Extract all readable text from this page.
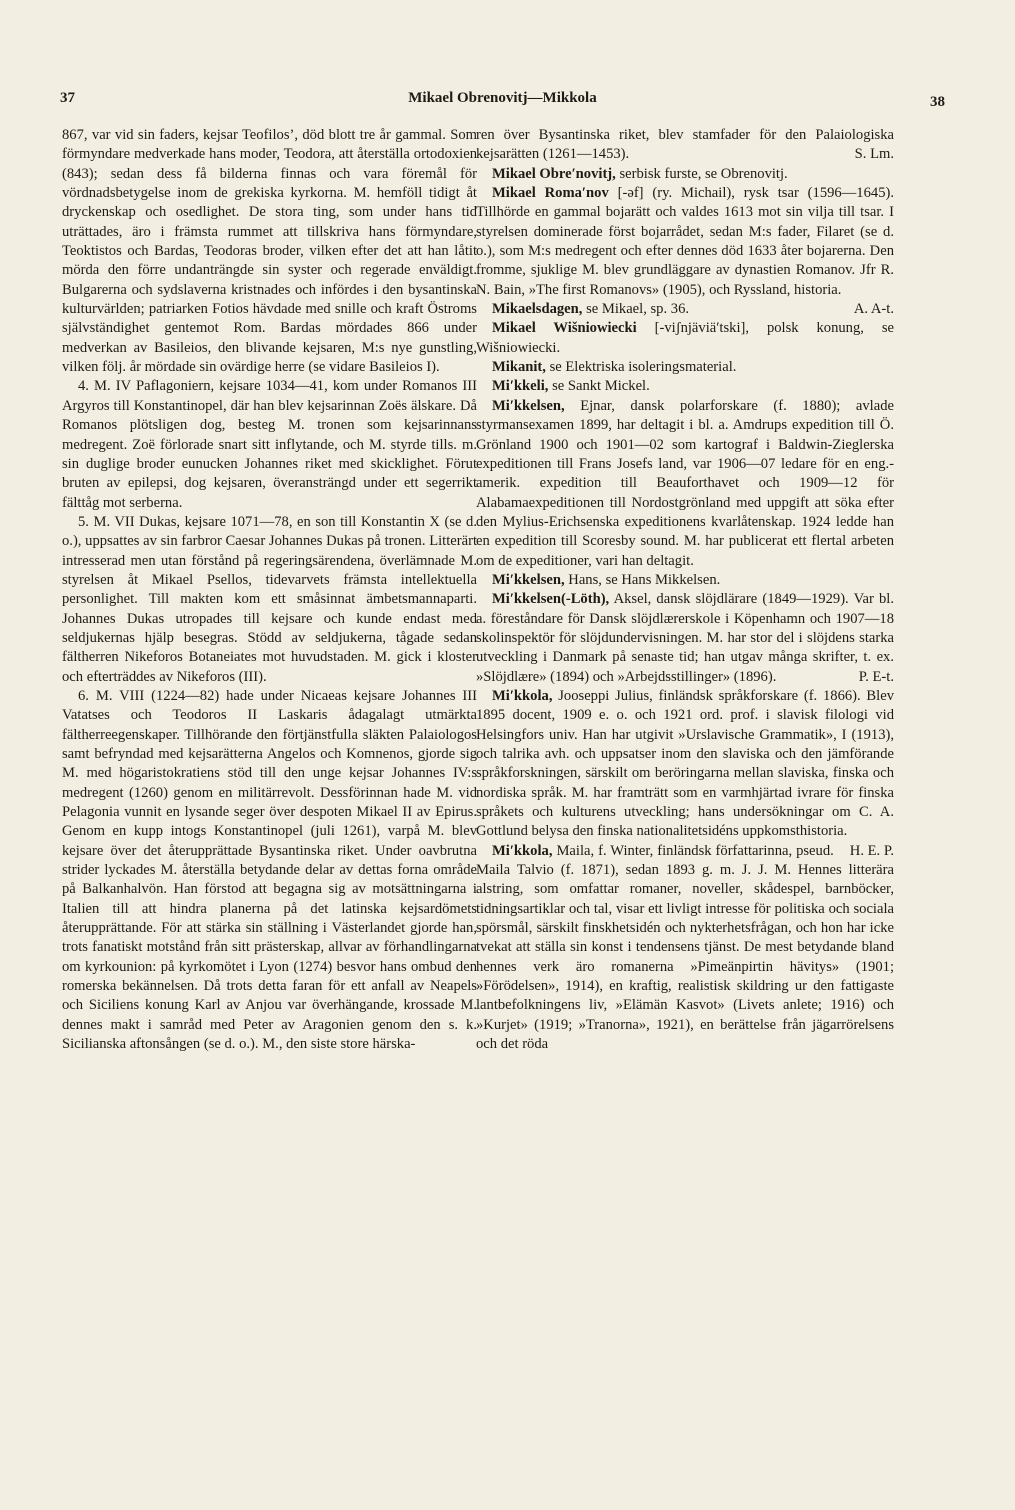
37	Mikael Obrenovitj—Mikkola	38

867, var vid sin faders, kejsar Teofilos’, död blott tre år gammal. Som förmyndare medverkade hans moder, Teodora, att återställa ortodoxien (843); sedan dess få bilderna finnas och vara föremål för vördnadsbetygelse inom de grekiska kyrkorna. M. hemföll tidigt åt dryckenskap och osedlighet. De stora ting, som under hans tid uträttades, äro i främsta rummet att tillskriva hans förmyndare, Teoktistos och Bardas, Teodoras broder, vilken efter det att han låtit mörda den förre undanträngde sin syster och regerade enväldigt. Bulgarerna och sydslaverna kristnades och infördes i den bysantinska kulturvärlden; patriarken Fotios hävdade med snille och kraft Östroms självständighet gentemot Rom. Bardas mördades 866 under medverkan av Basileios, den blivande kejsaren, M:s nye gunstling, vilken följ. år mördade sin ovärdige herre (se vidare Basileios I).

4. M. IV Paflagoniern, kejsare 1034—41, kom under Romanos III Argyros till Konstantinopel, där han blev kejsarinnan Zoës älskare. Då Romanos plötsligen dog, besteg M. tronen som kejsarinnans medregent. Zoë förlorade snart sitt inflytande, och M. styrde tills. m. sin duglige broder eunucken Johannes riket med skicklighet. Förut bruten av epilepsi, dog kejsaren, överansträngd under ett segerrikt fälttåg mot serberna.

5. M. VII Dukas, kejsare 1071—78, en son till Konstantin X (se d. o.), uppsattes av sin farbror Caesar Johannes Dukas på tronen. Litterärt intresserad men utan förstånd på regeringsärendena, överlämnade M. styrelsen åt Mikael Psellos, tidevarvets främsta intellektuella personlighet. Till makten kom ett småsinnat ämbetsmannaparti. Johannes Dukas utropades till kejsare och kunde endast med seldjukernas hjälp besegras. Stödd av seldjukerna, tågade sedan fältherren Nikeforos Botaneiates mot huvudstaden. M. gick i kloster och efterträddes av Nikeforos (III).

6. M. VIII (1224—82) hade under Nicaeas kejsare Johannes III Vatatses och Teodoros II Laskaris ådagalagt utmärkta fältherreegenskaper. Tillhörande den förtjänstfulla släkten Palaiologos samt befryndad med kejsarätterna Angelos och Komnenos, gjorde sig M. med högaristokratiens stöd till den unge kejsar Johannes IV:s medregent (1260) genom en militärrevolt. Dessförinnan hade M. vid Pelagonia vunnit en lysande seger över despoten Mikael II av Epirus. Genom en kupp intogs Konstantinopel (juli 1261), varpå M. blev kejsare över det återupprättade Bysantinska riket. Under oavbrutna strider lyckades M. återställa betydande delar av dettas forna område på Balkanhalvön. Han förstod att begagna sig av motsättningarna i Italien till att hindra planerna på det latinska kejsardömets återupprättande. För att stärka sin ställning i Västerlandet gjorde han, trots fanatiskt motstånd från sitt prästerskap, allvar av förhandlingarna om kyrkounion: på kyrkomötet i Lyon (1274) besvor hans ombud den romerska bekännelsen. Då trots detta faran för ett anfall av Neapels och Siciliens konung Karl av Anjou var överhängande, krossade M. dennes makt i samråd med Peter av Aragonien genom den s. k. Sicilianska aftonsången (se d. o.). M., den siste store härska-

ren över Bysantinska riket, blev stamfader för den Palaiologiska kejsarätten (1261—1453).	S. Lm.

Mikael Obre′novitj, serbisk furste, se Obrenovitj.

Mikael Roma′nov [-əf] (ry. Michail), rysk tsar (1596—1645). Tillhörde en gammal bojarätt och valdes 1613 mot sin vilja till tsar. I styrelsen dominerade först bojarrådet, sedan M:s fader, Filaret (se d. o.), som M:s medregent och efter dennes död 1633 åter bojarerna. Den fromme, sjuklige M. blev grundläggare av dynastien Romanov. Jfr R. N. Bain, »The first Romanovs» (1905), och Ryssland, historia.
A. A-t.

Mikaelsdagen, se Mikael, sp. 36.

Mikael Wišniowiecki [-viʃnjäviä′tski], polsk konung, se Wišniowiecki.

Mikanit, se Elektriska isoleringsmaterial.

Mi′kkeli, se Sankt Mickel.

Mi′kkelsen, Ejnar, dansk polarforskare (f. 1880); avlade styrmansexamen 1899, har deltagit i bl. a. Amdrups expedition till Ö. Grönland 1900 och 1901—02 som kartograf i Baldwin-Zieglerska expeditionen till Frans Josefs land, var 1906—07 ledare för en eng.-amerik. expedition till Beauforthavet och 1909—12 för Alabamaexpeditionen till Nordostgrönland med uppgift att söka efter den Mylius-Erichsenska expeditionens kvarlåtenskap. 1924 ledde han en expedition till Scoresby sound. M. har publicerat ett flertal arbeten om de expeditioner, vari han deltagit.

Mi′kkelsen, Hans, se Hans Mikkelsen.

Mi′kkelsen(-Löth), Aksel, dansk slöjdlärare (1849—1929). Var bl. a. föreståndare för Dansk slöjdlærerskole i Köpenhamn och 1907—18 skolinspektör för slöjdundervisningen. M. har stor del i slöjdens starka utveckling i Danmark på senaste tid; han utgav många skrifter, t. ex. »Slöjdlære» (1894) och »Arbejdsstillinger» (1896).	P. E-t.

Mi′kkola, Jooseppi Julius, finländsk språkforskare (f. 1866). Blev 1895 docent, 1909 e. o. och 1921 ord. prof. i slavisk filologi vid Helsingfors univ. Han har utgivit »Urslavische Grammatik», I (1913), och talrika avh. och uppsatser inom den slaviska och den jämförande språkforskningen, särskilt om beröringarna mellan slaviska, finska och nordiska språk. M. har framträtt som en varmhjärtad ivrare för finska språkets och kulturens utveckling; hans undersökningar om C. A. Gottlund belysa den finska nationalitetsidéns uppkomsthistoria.
H. E. P.

Mi′kkola, Maila, f. Winter, finländsk författarinna, pseud. Maila Talvio (f. 1871), sedan 1893 g. m. J. J. M. Hennes litterära alstring, som omfattar romaner, noveller, skådespel, barnböcker, tidningsartiklar och tal, visar ett livligt intresse för politiska och sociala spörsmål, särskilt finskhetsidén och nykterhetsfrågan, och hon har icke tvekat att ställa sin konst i tendensens tjänst. De mest betydande bland hennes verk äro romanerna »Pimeänpirtin hävitys» (1901; »Förödelsen», 1914), en kraftig, realistisk skildring ur den fattigaste lantbefolkningens liv, »Elämän Kasvot» (Livets anlete; 1916) och »Kurjet» (1919; »Tranorna», 1921), en berättelse från jägarrörelsens och det röda
